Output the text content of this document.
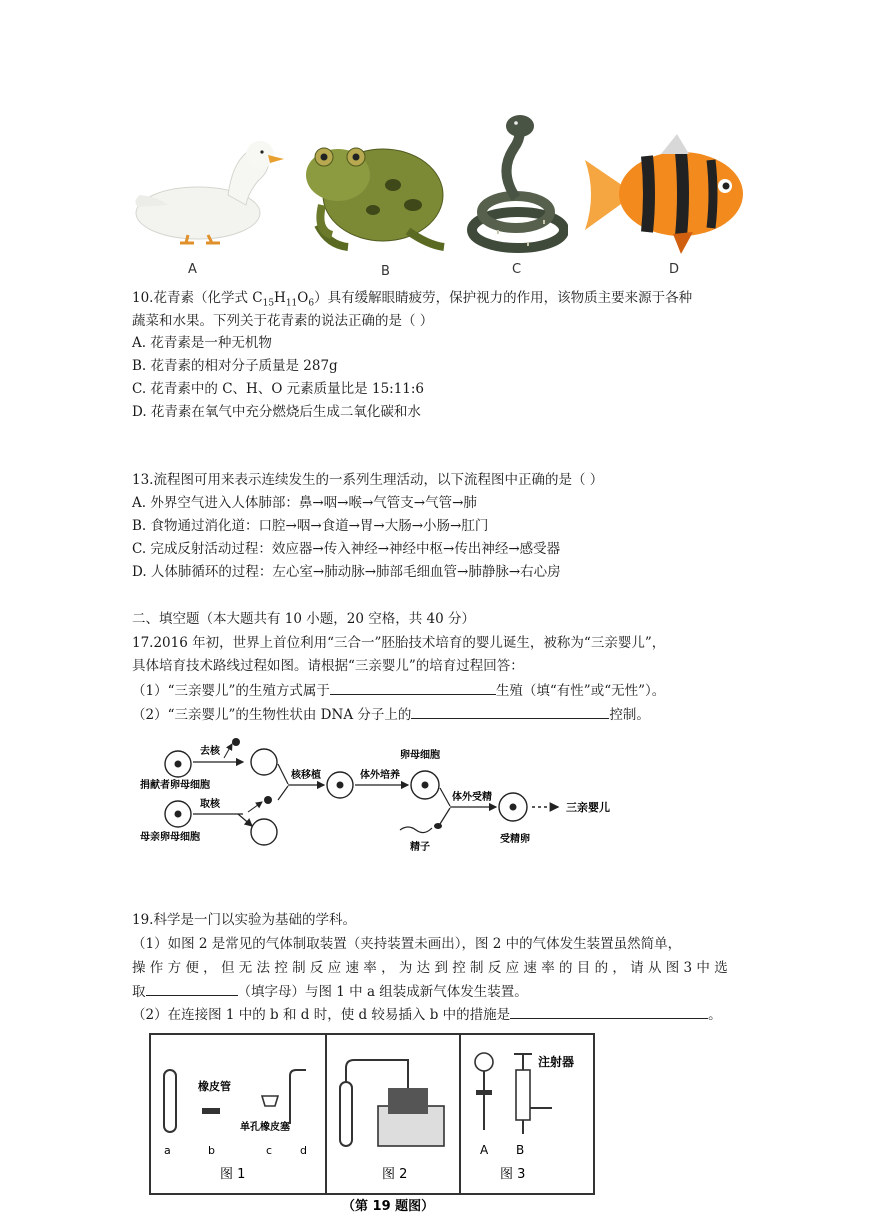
A	B	C	D
10.花青素（化学式 $C_{15}H_{11}O_6$）具有缓解眼睛疲劳，保护视力的作用，该物质主要来源于各种
蔬菜和水果。下列关于花青素的说法正确的是（ ）
A. 花青素是一种无机物
B. 花青素的相对分子质量是 287g
C. 花青素中的 C、H、O 元素质量比是 15:11:6
D. 花青素在氧气中充分燃烧后生成二氧化碳和水
13.流程图可用来表示连续发生的一系列生理活动，以下流程图中正确的是（ ）
A. 外界空气进入人体肺部：鼻→咽→喉→气管支→气管→肺
B. 食物通过消化道：口腔→咽→食道→胃→大肠→小肠→肛门
C. 完成反射活动过程：效应器→传入神经→神经中枢→传出神经→感受器
D. 人体肺循环的过程：左心室→肺动脉→肺部毛细血管→肺静脉→右心房
二、填空题（本大题共有 10 小题，20 空格，共 40 分）
17.2016 年初，世界上首位利用“三合一”胚胎技术培育的婴儿诞生，被称为“三亲婴儿”，
具体培育技术路线过程如图。请根据“三亲婴儿”的培育过程回答：
（1）“三亲婴儿”的生殖方式属于	生殖（填“有性”或“无性”）。
（2）“三亲婴儿”的生物性状由 DNA 分子上的	控制。
捐献者卵母细胞
去核
母亲卵母细胞
取核
核移植	体外培养
卵母细胞
精子
体外受精
受精卵
三亲婴儿
19.科学是一门以实验为基础的学科。
（1）如图 2 是常见的气体制取装置（夹持装置未画出），图 2 中的气体发生装置虽然简单，
操 作 方 便 ， 但 无 法 控 制 反 应 速 率 ， 为 达 到 控 制 反 应 速 率 的 目 的 ， 请 从 图 3 中 选
取	（填字母）与图 1 中 a 组装成新气体发生装置。
（2）在连接图 1 中的 b 和 d 时，使 d 较易插入 b 中的措施是	。
橡皮管
单孔橡皮塞
a	b	c	d
图 1	图 2
注射器
A B
图 3
（第 19 题图）
